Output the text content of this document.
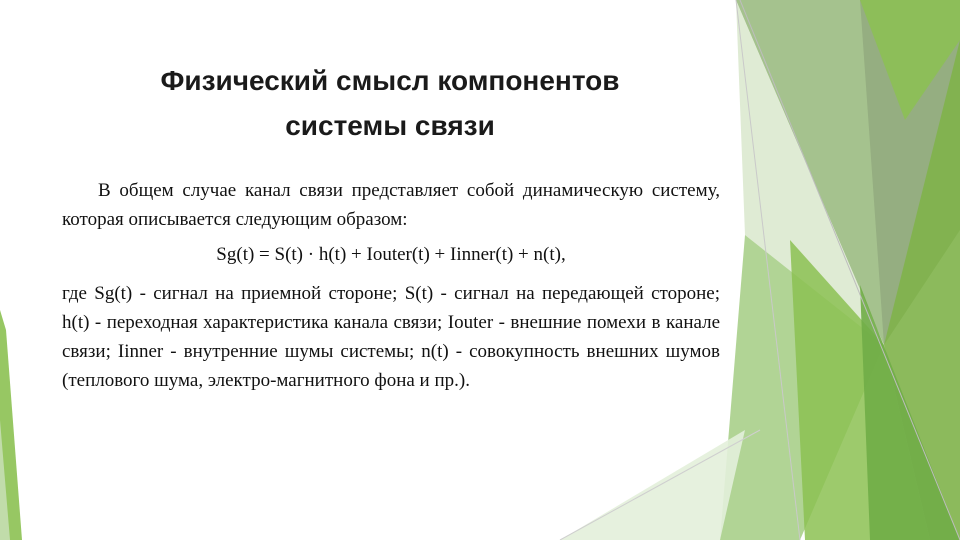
Физический смысл компонентов
системы связи

В общем случае канал связи представляет собой динамическую систему, которая описывается следующим образом:

Sg(t) = S(t) · h(t) + Iouter(t) + Iinner(t) + n(t),

где Sg(t) - сигнал на приемной стороне; S(t) - сигнал на передающей стороне; h(t) - переходная характеристика канала связи; Iouter - внешние помехи в канале связи; Iinner - внутренние шумы системы; n(t) - совокупность внешних шумов (теплового шума, электро-магнитного фона и пр.).
